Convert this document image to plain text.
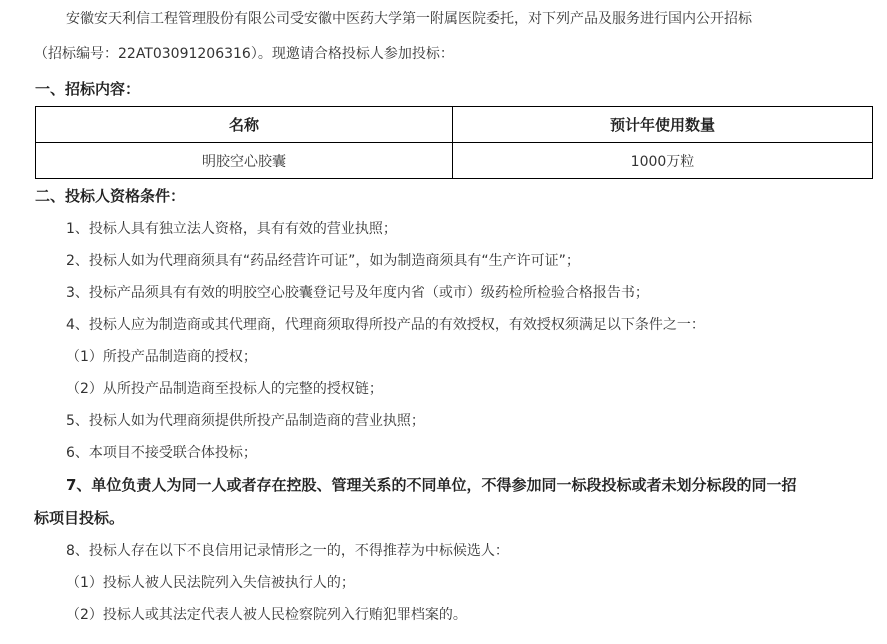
安徽安天利信工程管理股份有限公司受安徽中医药大学第一附属医院委托，对下列产品及服务进行国内公开招标
（招标编号：22AT03091206316）。现邀请合格投标人参加投标：
一、招标内容：
名称	预计年使用数量
明胶空心胶囊	1000万粒
二、投标人资格条件：
1、投标人具有独立法人资格，具有有效的营业执照；
2、投标人如为代理商须具有“药品经营许可证”，如为制造商须具有“生产许可证”；
3、投标产品须具有有效的明胶空心胶囊登记号及年度内省（或市）级药检所检验合格报告书；
4、投标人应为制造商或其代理商，代理商须取得所投产品的有效授权，有效授权须满足以下条件之一：
（1）所投产品制造商的授权；
（2）从所投产品制造商至投标人的完整的授权链；
5、投标人如为代理商须提供所投产品制造商的营业执照；
6、本项目不接受联合体投标；
7、单位负责人为同一人或者存在控股、管理关系的不同单位，不得参加同一标段投标或者未划分标段的同一招
标项目投标。
8、投标人存在以下不良信用记录情形之一的，不得推荐为中标候选人：
（1）投标人被人民法院列入失信被执行人的；
（2）投标人或其法定代表人被人民检察院列入行贿犯罪档案的。
